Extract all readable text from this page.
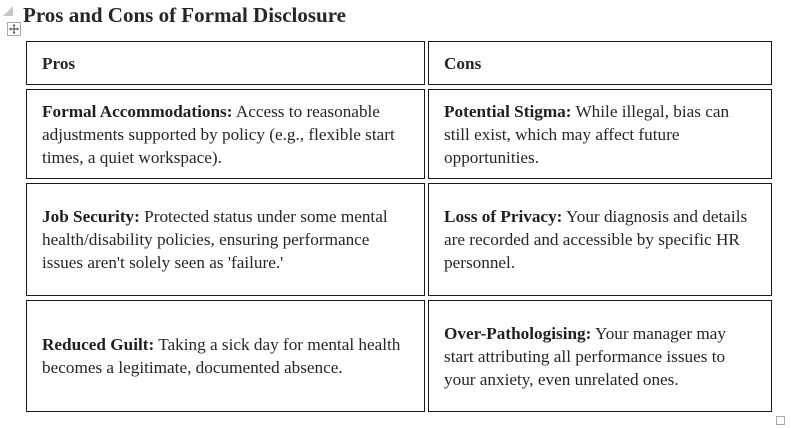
Pros and Cons of Formal Disclosure
Pros	Cons
Formal Accommodations: Access to reasonable adjustments supported by policy (e.g., flexible start times, a quiet workspace).
Potential Stigma: While illegal, bias can still exist, which may affect future opportunities.
Job Security: Protected status under some mental health/disability policies, ensuring performance issues aren't solely seen as 'failure.'
Loss of Privacy: Your diagnosis and details are recorded and accessible by specific HR personnel.
Reduced Guilt: Taking a sick day for mental health becomes a legitimate, documented absence.
Over-Pathologising: Your manager may start attributing all performance issues to your anxiety, even unrelated ones.
